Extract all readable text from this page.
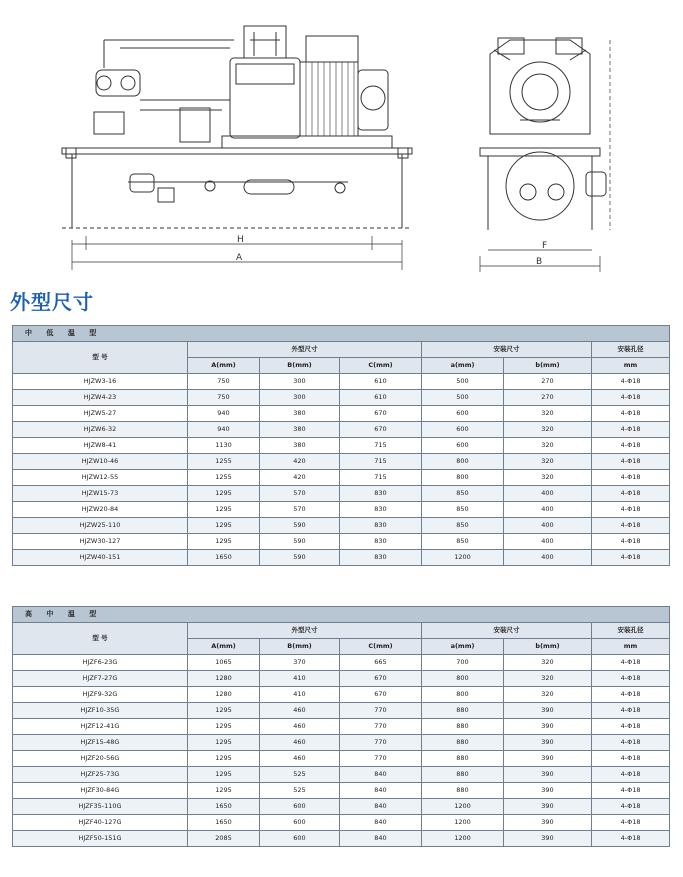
H
A
F
B
外型尺寸
中 低 温 型						
型 号	外型尺寸			安装尺寸		安装孔径
	A(mm)	B(mm)	C(mm)	a(mm)	b(mm)	mm
HJZW3-16	750	300	610	500	270	4-Φ18
HJZW4-23	750	300	610	500	270	4-Φ18
HJZW5-27	940	380	670	600	320	4-Φ18
HJZW6-32	940	380	670	600	320	4-Φ18
HJZW8-41	1130	380	715	600	320	4-Φ18
HJZW10-46	1255	420	715	800	320	4-Φ18
HJZW12-55	1255	420	715	800	320	4-Φ18
HJZW15-73	1295	570	830	850	400	4-Φ18
HJZW20-84	1295	570	830	850	400	4-Φ18
HJZW25-110	1295	590	830	850	400	4-Φ18
HJZW30-127	1295	590	830	850	400	4-Φ18
HJZW40-151	1650	590	830	1200	400	4-Φ18
高 中 温 型						
型 号	外型尺寸			安装尺寸		安装孔径
	A(mm)	B(mm)	C(mm)	a(mm)	b(mm)	mm
HJZF6-23G	1065	370	665	700	320	4-Φ18
HJZF7-27G	1280	410	670	800	320	4-Φ18
HJZF9-32G	1280	410	670	800	320	4-Φ18
HJZF10-35G	1295	460	770	880	390	4-Φ18
HJZF12-41G	1295	460	770	880	390	4-Φ18
HJZF15-48G	1295	460	770	880	390	4-Φ18
HJZF20-56G	1295	460	770	880	390	4-Φ18
HJZF25-73G	1295	525	840	880	390	4-Φ18
HJZF30-84G	1295	525	840	880	390	4-Φ18
HJZF35-110G	1650	600	840	1200	390	4-Φ18
HJZF40-127G	1650	600	840	1200	390	4-Φ18
HJZF50-151G	2085	600	840	1200	390	4-Φ18
